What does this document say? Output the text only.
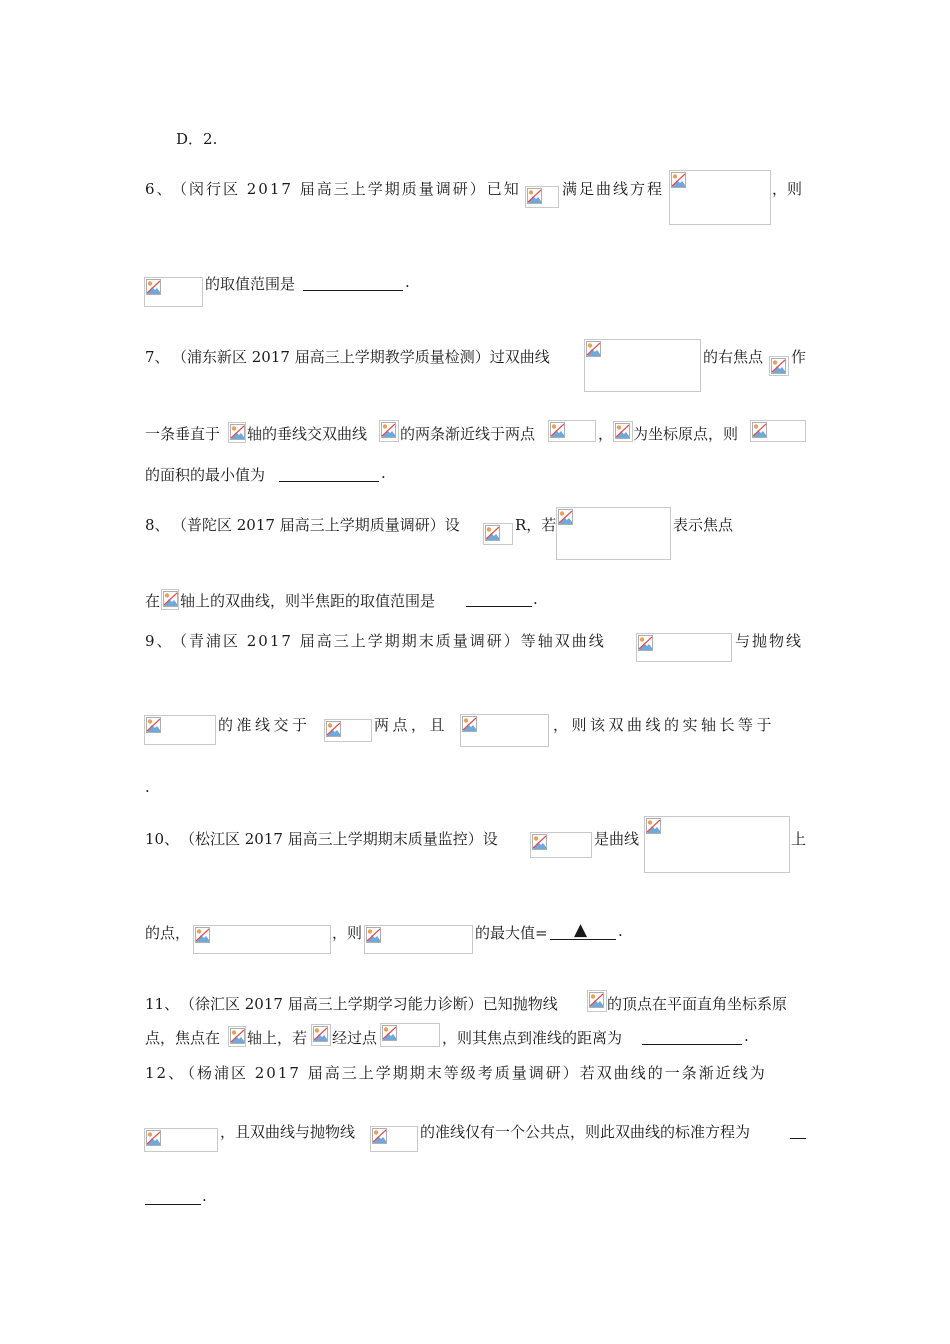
D．2.
6、
（闵行区 2017 届高三上学期质量调研）已知	满足曲线方程	，则
的取值范围是	.
7、 （浦东新区 2017 届高三上学期教学质量检测）过双曲线	的右焦点 作
一条垂直于 轴的垂线交双曲线 的两条渐近线于两点	， 为坐标原点，则
的面积的最小值为	.
8、 （普陀区 2017 届高三上学期质量调研）设	R，若	表示焦点
在 轴上的双曲线，则半焦距的取值范围是	.
9、
（青浦区 2017 届高三上学期期末质量调研）等轴双曲线	与抛物线
的准线交于	两点，且	，则该双曲线的实轴长等于
.
10、 （松江区 2017 届高三上学期期末质量监控）设	是曲线	上
的点，	，则	的最大值= ▲ .
11、 （徐汇区 2017 届高三上学期学习能力诊断）已知抛物线	的顶点在平面直角坐标系原
点，焦点在 轴上，若 经过点	，则其焦点到准线的距离为	.
12、
（杨浦区 2017 届高三上学期期末等级考质量调研）若双曲线的一条渐近线为
，且双曲线与抛物线	的准线仅有一个公共点，则此双曲线的标准方程为
.
